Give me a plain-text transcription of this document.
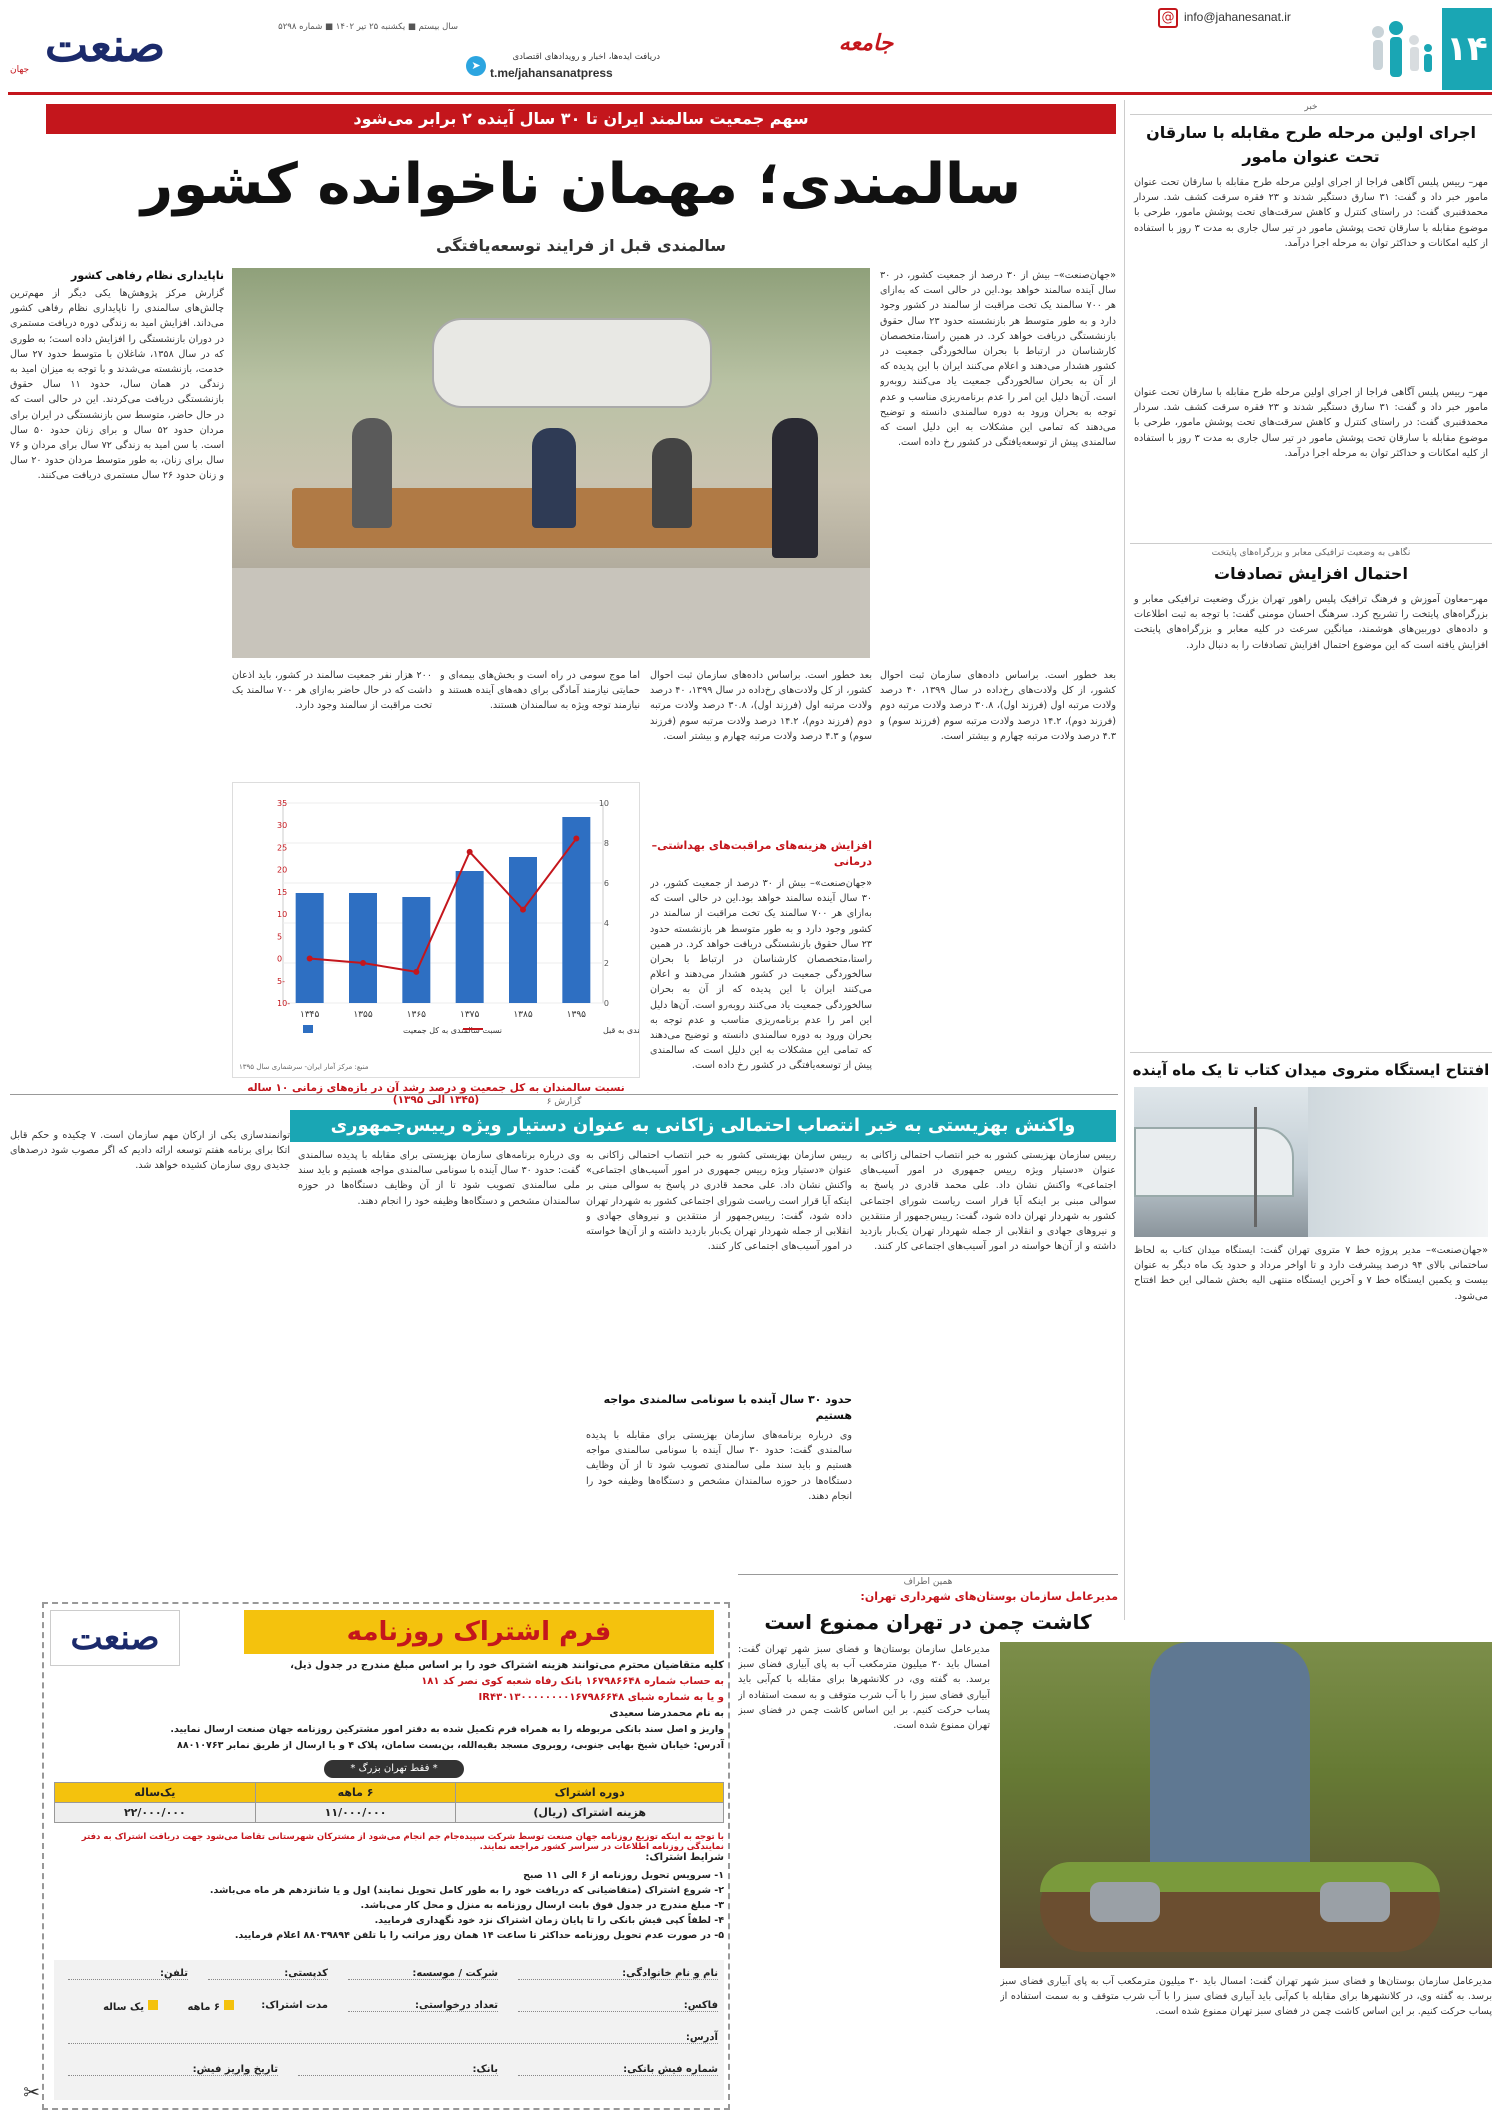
۱۴
@ info@jahanesanat.ir
جامعه
➤
دریافت ایده‌ها، اخبار و رویدادهای اقتصادی
t.me/jahansanatpress
سال بیستم ■ یکشنبه ۲۵ تیر ۱۴۰۲ ■ شماره ۵۲۹۸
صنعت
جهان
خبر
اجرای اولین مرحله طرح مقابله با سارقان تحت عنوان مامور
مهر– رییس پلیس آگاهی فراجا از اجرای اولین مرحله طرح مقابله با سارقان تحت عنوان مامور خبر داد و گفت: ۳۱ سارق دستگیر شدند و ۲۳ فقره سرقت کشف شد. سردار محمدقنبری گفت: در راستای کنترل و کاهش سرقت‌های تحت پوشش مامور، طرحی با موضوع مقابله با سارقان تحت پوشش مامور در تیر سال جاری به مدت ۳ روز با استفاده از کلیه امکانات و حداکثر توان به مرحله اجرا درآمد.
مهر– رییس پلیس آگاهی فراجا از اجرای اولین مرحله طرح مقابله با سارقان تحت عنوان مامور خبر داد و گفت: ۳۱ سارق دستگیر شدند و ۲۳ فقره سرقت کشف شد. سردار محمدقنبری گفت: در راستای کنترل و کاهش سرقت‌های تحت پوشش مامور، طرحی با موضوع مقابله با سارقان تحت پوشش مامور در تیر سال جاری به مدت ۳ روز با استفاده از کلیه امکانات و حداکثر توان به مرحله اجرا درآمد.
نگاهی به وضعیت ترافیکی معابر و بزرگراه‌های پایتخت
احتمال افزایش تصادفات
مهر–معاون آموزش و فرهنگ ترافیک پلیس راهور تهران بزرگ وضعیت ترافیکی معابر و بزرگراه‌های پایتخت را تشریح کرد. سرهنگ احسان مومنی گفت: با توجه به ثبت اطلاعات و داده‌های دوربین‌های هوشمند، میانگین سرعت در کلیه معابر و بزرگراه‌های پایتخت افزایش یافته است که این موضوع احتمال افزایش تصادفات را به دنبال دارد.
افتتاح ایستگاه متروی میدان کتاب تا یک ماه آینده
«جهان‌صنعت»– مدیر پروژه خط ۷ متروی تهران گفت: ایستگاه میدان کتاب به لحاظ ساختمانی بالای ۹۴ درصد پیشرفت دارد و تا اواخر مرداد و حدود یک ماه دیگر به عنوان بیست و یکمین ایستگاه خط ۷ و آخرین ایستگاه منتهی الیه بخش شمالی این خط افتتاح می‌شود.
سهم جمعیت سالمند ایران تا ۳۰ سال آینده ۲ برابر می‌شود
سالمندی؛ مهمان ناخوانده کشور
سالمندی قبل از فرایند توسعه‌یافتگی
«جهان‌صنعت»– بیش از ۳۰ درصد از جمعیت کشور، در ۳۰ سال آینده سالمند خواهد بود.این در حالی است که به‌ازای هر ۷۰۰ سالمند یک تخت مراقبت از سالمند در کشور وجود دارد و به طور متوسط هر بازنشسته حدود ۲۳ سال حقوق بازنشستگی دریافت خواهد کرد. در همین راستا،متخصصان کارشناسان در ارتباط با بحران سالخوردگی جمعیت در کشور هشدار می‌دهند و اعلام می‌کنند ایران با این پدیده که از آن به بحران سالخوردگی جمعیت یاد می‌کنند روبه‌رو است. آن‌ها دلیل این امر را عدم برنامه‌ریزی مناسب و عدم توجه به بحران ورود به دوره سالمندی دانسته و توضیح می‌دهند که تمامی این مشکلات به این دلیل است که سالمندی پیش از توسعه‌یافتگی در کشور رخ داده است.
بعد خطور است. براساس داده‌های سازمان ثبت احوال کشور، از کل ولادت‌های رخ‌داده در سال ۱۳۹۹، ۴۰ درصد ولادت مرتبه اول (فرزند اول)، ۳۰.۸ درصد ولادت مرتبه دوم (فرزند دوم)، ۱۴.۲ درصد ولادت مرتبه سوم (فرزند سوم) و ۴.۳ درصد ولادت مرتبه چهارم و بیشتر است.
بعد خطور است. براساس داده‌های سازمان ثبت احوال کشور، از کل ولادت‌های رخ‌داده در سال ۱۳۹۹، ۴۰ درصد ولادت مرتبه اول (فرزند اول)، ۳۰.۸ درصد ولادت مرتبه دوم (فرزند دوم)، ۱۴.۲ درصد ولادت مرتبه سوم (فرزند سوم) و ۴.۳ درصد ولادت مرتبه چهارم و بیشتر است.
افزایش هزینه‌های مراقبت‌های بهداشتی–درمانی
«جهان‌صنعت»– بیش از ۳۰ درصد از جمعیت کشور، در ۳۰ سال آینده سالمند خواهد بود.این در حالی است که به‌ازای هر ۷۰۰ سالمند یک تخت مراقبت از سالمند در کشور وجود دارد و به طور متوسط هر بازنشسته حدود ۲۳ سال حقوق بازنشستگی دریافت خواهد کرد. در همین راستا،متخصصان کارشناسان در ارتباط با بحران سالخوردگی جمعیت در کشور هشدار می‌دهند و اعلام می‌کنند ایران با این پدیده که از آن به بحران سالخوردگی جمعیت یاد می‌کنند روبه‌رو است. آن‌ها دلیل این امر را عدم برنامه‌ریزی مناسب و عدم توجه به بحران ورود به دوره سالمندی دانسته و توضیح می‌دهند که تمامی این مشکلات به این دلیل است که سالمندی پیش از توسعه‌یافتگی در کشور رخ داده است.
اما موج سومی در راه است و بخش‌های بیمه‌ای و حمایتی نیازمند آمادگی برای دهه‌های آینده هستند و نیازمند توجه ویژه به سالمندان هستند.
۲۰۰ هزار نفر جمعیت سالمند در کشور، باید اذعان داشت که در حال حاضر به‌ازای هر ۷۰۰ سالمند یک تخت مراقبت از سالمند وجود دارد.
0
2
4
6
8
10
-10
-5
0
5
10
15
20
25
30
35
۱۳۴۵	۱۳۵۵	۱۳۶۵	۱۳۷۵	۱۳۸۵	۱۳۹۵
نسبت سالمندی به کل جمعیت	دی به قبل
منبع: مرکز آمار ایران- سرشماری سال ۱۳۹۵
نسبت سالمندان به کل جمعیت و درصد رشد آن در بازه‌های زمانی ۱۰ ساله (۱۳۴۵ الی ۱۳۹۵)
ناپایداری نظام رفاهی کشور
گزارش مرکز پژوهش‌ها یکی دیگر از مهم‌ترین چالش‌های سالمندی را ناپایداری نظام رفاهی کشور می‌داند. افزایش امید به زندگی دوره دریافت مستمری در دوران بازنشستگی را افزایش داده است؛ به طوری که در سال ۱۳۵۸، شاغلان با متوسط حدود ۲۷ سال خدمت، بازنشسته می‌شدند و با توجه به میزان امید به زندگی در همان سال، حدود ۱۱ سال حقوق بازنشستگی دریافت می‌کردند. این در حالی است که در حال حاضر، متوسط سن بازنشستگی در ایران برای مردان حدود ۵۲ سال و برای زنان حدود ۵۰ سال است. با سن امید به زندگی ۷۲ سال برای مردان و ۷۶ سال برای زنان، به طور متوسط مردان حدود ۲۰ سال و زنان حدود ۲۶ سال مستمری دریافت می‌کنند.
گزارش ۶
واکنش بهزیستی به خبر انتصاب احتمالی زاکانی به عنوان دستیار ویژه رییس‌جمهوری
رییس سازمان بهزیستی کشور به خبر انتصاب احتمالی زاکانی به عنوان «دستیار ویژه رییس جمهوری در امور آسیب‌های اجتماعی» واکنش نشان داد. علی محمد قادری در پاسخ به سوالی مبنی بر اینکه آیا قرار است ریاست شورای اجتماعی کشور به شهردار تهران داده شود، گفت: رییس‌جمهور از منتقدین و نیروهای جهادی و انقلابی از جمله شهردار تهران یک‌بار بازدید داشته و از آن‌ها خواسته در امور آسیب‌های اجتماعی کار کنند.
رییس سازمان بهزیستی کشور به خبر انتصاب احتمالی زاکانی به عنوان «دستیار ویژه رییس جمهوری در امور آسیب‌های اجتماعی» واکنش نشان داد. علی محمد قادری در پاسخ به سوالی مبنی بر اینکه آیا قرار است ریاست شورای اجتماعی کشور به شهردار تهران داده شود، گفت: رییس‌جمهور از منتقدین و نیروهای جهادی و انقلابی از جمله شهردار تهران یک‌بار بازدید داشته و از آن‌ها خواسته در امور آسیب‌های اجتماعی کار کنند.
حدود ۳۰ سال آینده با سونامی سالمندی مواجه هستیم
وی درباره برنامه‌های سازمان بهزیستی برای مقابله با پدیده سالمندی گفت: حدود ۳۰ سال آینده با سونامی سالمندی مواجه هستیم و باید سند ملی سالمندی تصویب شود تا از آن وظایف دستگاه‌ها در حوزه سالمندان مشخص و دستگاه‌ها وظیفه خود را انجام دهند.
وی درباره برنامه‌های سازمان بهزیستی برای مقابله با پدیده سالمندی گفت: حدود ۳۰ سال آینده با سونامی سالمندی مواجه هستیم و باید سند ملی سالمندی تصویب شود تا از آن وظایف دستگاه‌ها در حوزه سالمندان مشخص و دستگاه‌ها وظیفه خود را انجام دهند.
توانمندسازی یکی از ارکان مهم سازمان است. ۷ چکیده و حکم قابل اتکا برای برنامه هفتم توسعه ارائه دادیم که اگر مصوب شود درصدهای جدیدی روی سازمان کشیده خواهد شد.
همین اطراف
مدیرعامل سازمان بوستان‌های شهرداری تهران:
کاشت چمن در تهران ممنوع است
مدیرعامل سازمان بوستان‌ها و فضای سبز شهر تهران گفت: امسال باید ۳۰ میلیون مترمکعب آب به پای آبیاری فضای سبز برسد. به گفته وی، در کلانشهرها برای مقابله با کم‌آبی باید آبیاری فضای سبز را با آب شرب متوقف و به سمت استفاده از پساب حرکت کنیم. بر این اساس کاشت چمن در فضای سبز تهران ممنوع شده است.
مدیرعامل سازمان بوستان‌ها و فضای سبز شهر تهران گفت: امسال باید ۳۰ میلیون مترمکعب آب به پای آبیاری فضای سبز برسد. به گفته وی، در کلانشهرها برای مقابله با کم‌آبی باید آبیاری فضای سبز را با آب شرب متوقف و به سمت استفاده از پساب حرکت کنیم. بر این اساس کاشت چمن در فضای سبز تهران ممنوع شده است.
صنعت	فرم اشتراک روزنامه
کلیه متقاضیان محترم می‌توانند هزینه اشتراک خود را بر اساس مبلغ مندرج در جدول ذیل،
به حساب شماره ۱۶۷۹۸۶۶۴۸ بانک رفاه شعبه کوی نصر کد ۱۸۱
و یا به شماره شبای IR۴۳۰۱۳۰۰۰۰۰۰۰۰۱۶۷۹۸۶۶۴۸
به نام محمدرضا سعیدی
واریز و اصل سند بانکی مربوطه را به همراه فرم تکمیل شده به دفتر امور مشترکین روزنامه جهان صنعت ارسال نمایید.
آدرس: خیابان شیخ بهایی جنوبی، روبروی مسجد بقیه‌الله، بن‌بست سامان، پلاک ۴ و یا ارسال از طریق نمابر ۸۸۰۱۰۷۶۳
* فقط تهران بزرگ *
دوره اشتراک	۶ ماهه	یک‌ساله
هزینه اشتراک (ریال)	۱۱/۰۰۰/۰۰۰	۲۲/۰۰۰/۰۰۰
با توجه به اینکه توزیع روزنامه جهان صنعت توسط شرکت سپیده‌جام جم انجام می‌شود از مشترکان شهرستانی تقاضا می‌شود جهت دریافت اشتراک به دفتر نمایندگی روزنامه اطلاعات در سراسر کشور مراجعه نمایند.
شرایط اشتراک:
۱- سرویس تحویل روزنامه از ۶ الی ۱۱ صبح
۲- شروع اشتراک (متقاضیانی که دریافت خود را به طور کامل تحویل نمایند) اول و یا شانزدهم هر ماه می‌باشد.
۳- مبلغ مندرج در جدول فوق بابت ارسال روزنامه به منزل و محل کار می‌باشد.
۴- لطفاً کپی فیش بانکی را تا پایان زمان اشتراک نزد خود نگهداری فرمایید.
۵- در صورت عدم تحویل روزنامه حداکثر تا ساعت ۱۴ همان روز مراتب را با تلفن ۸۸۰۳۹۸۹۴ اعلام فرمایید.
نام و نام خانوادگی:
شرکت / موسسه:
کدپستی:
تلفن:
فاکس:
تعداد درخواستی:
مدت اشتراک:
۶ ماهه
یک ساله
آدرس:
شماره فیش بانکی:
بانک:
تاریخ واریز فیش:
✂
